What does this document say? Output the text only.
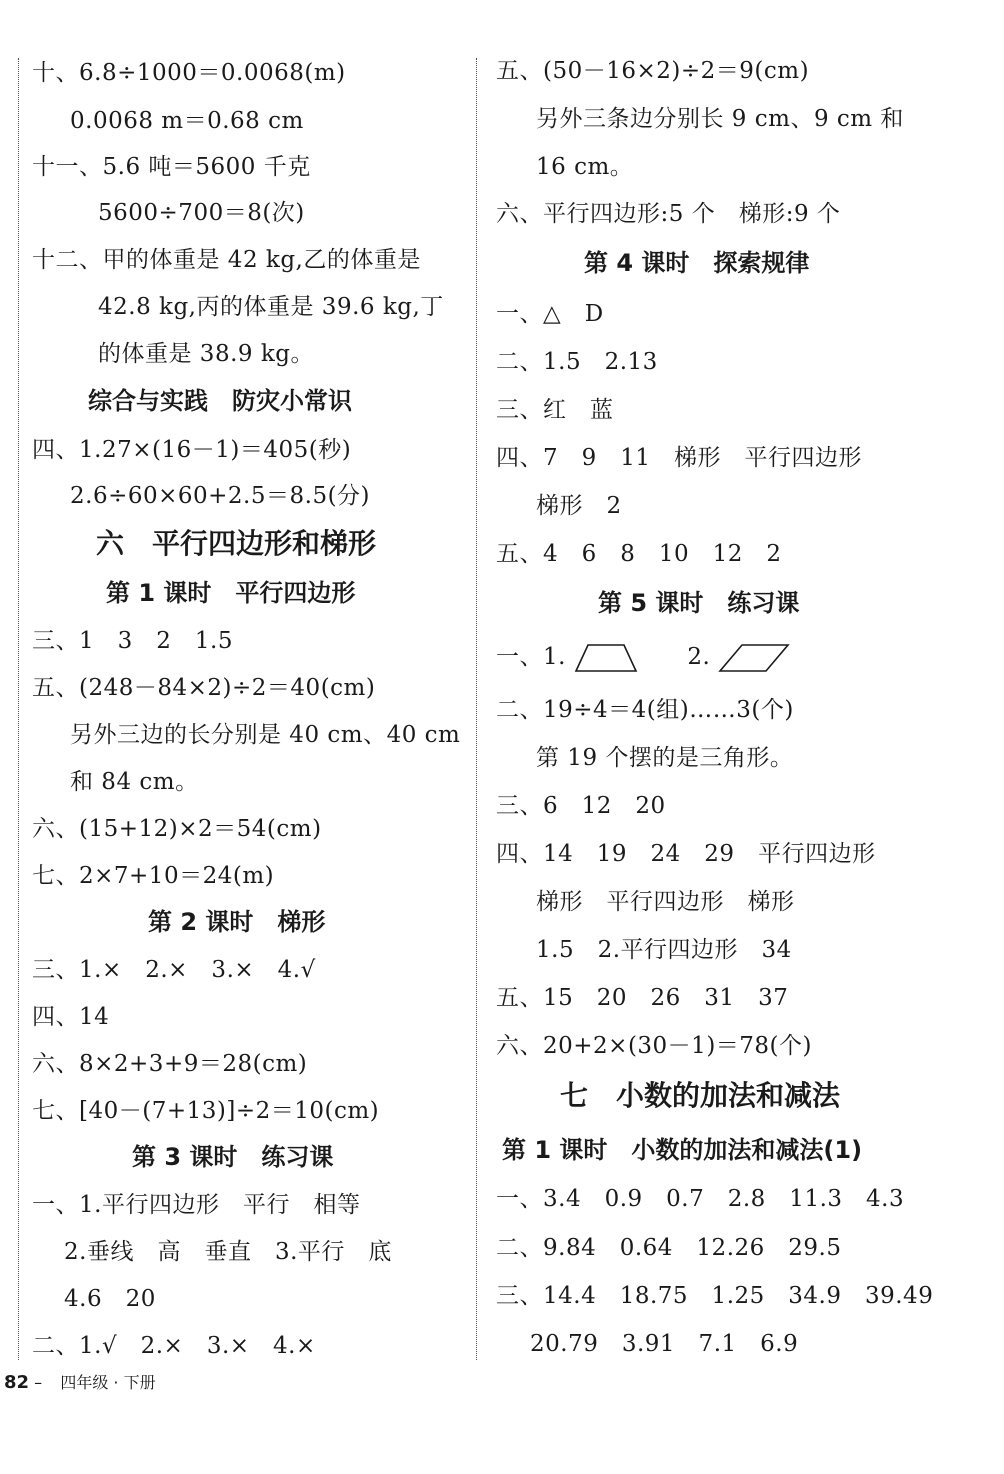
十、6.8÷1000＝0.0068(m)
0.0068 m＝0.68 cm
十一、5.6 吨＝5600 千克
5600÷700＝8(次)
十二、甲的体重是 42 kg,乙的体重是
42.8 kg,丙的体重是 39.6 kg,丁
的体重是 38.9 kg。
综合与实践　防灾小常识
四、1.27×(16－1)＝405(秒)
2.6÷60×60+2.5＝8.5(分)
六　平行四边形和梯形
第 1 课时　平行四边形
三、1　3　2　1.5
五、(248－84×2)÷2＝40(cm)
另外三边的长分别是 40 cm、40 cm
和 84 cm。
六、(15+12)×2＝54(cm)
七、2×7+10＝24(m)
第 2 课时　梯形
三、1.×　2.×　3.×　4.√
四、14
六、8×2+3+9＝28(cm)
七、[40－(7+13)]÷2＝10(cm)
第 3 课时　练习课
一、1.平行四边形　平行　相等
2.垂线　高　垂直　3.平行　底
4.6　20
二、1.√　2.×　3.×　4.×
五、(50－16×2)÷2＝9(cm)
另外三条边分别长 9 cm、9 cm 和
16 cm。
六、平行四边形:5 个　梯形:9 个
第 4 课时　探索规律
一、△　D
二、1.5　2.13
三、红　蓝
四、7　9　11　梯形　平行四边形
梯形　2
五、4　6　8　10　12　2
第 5 课时　练习课
一、1.	2.
二、19÷4＝4(组)……3(个)
第 19 个摆的是三角形。
三、6　12　20
四、14　19　24　29　平行四边形
梯形　平行四边形　梯形
1.5　2.平行四边形　34
五、15　20　26　31　37
六、20+2×(30－1)＝78(个)
七　小数的加法和减法
第 1 课时　小数的加法和减法(1)
一、3.4　0.9　0.7　2.8　11.3　4.3
二、9.84　0.64　12.26　29.5
三、14.4　18.75　1.25　34.9　39.49
20.79　3.91　7.1　6.9
82 – 四年级 · 下册
